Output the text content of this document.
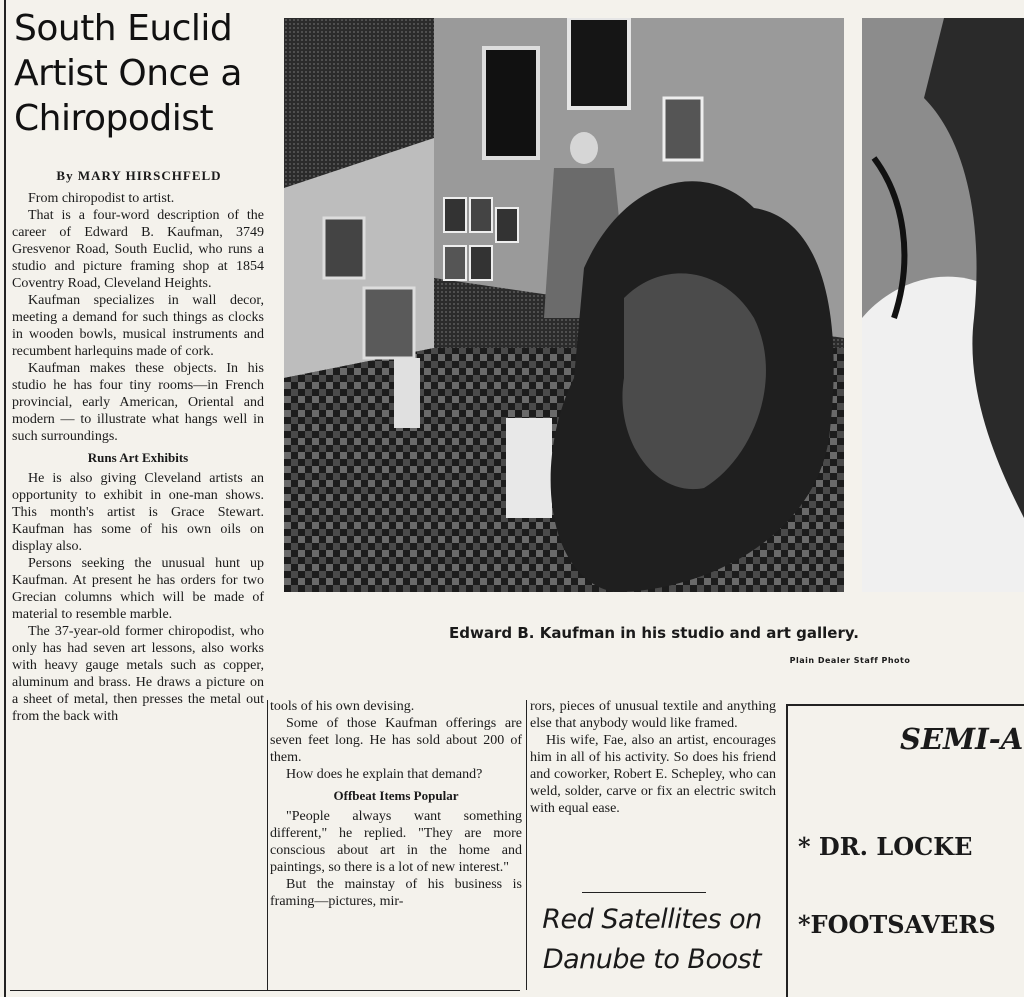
South Euclid Artist Once a Chiropodist
By MARY HIRSCHFELD

From chiropodist to artist.

That is a four-word description of the career of Edward B. Kaufman, 3749 Gresvenor Road, South Euclid, who runs a studio and picture framing shop at 1854 Coventry Road, Cleveland Heights.

Kaufman specializes in wall decor, meeting a demand for such things as clocks in wooden bowls, musical instruments and recumbent harlequins made of cork.

Kaufman makes these objects. In his studio he has four tiny rooms—in French provincial, early American, Oriental and modern — to illustrate what hangs well in such surroundings.

Runs Art Exhibits

He is also giving Cleveland artists an opportunity to exhibit in one-man shows. This month's artist is Grace Stewart. Kaufman has some of his own oils on display also.

Persons seeking the unusual hunt up Kaufman. At present he has orders for two Grecian columns which will be made of material to resemble marble.

The 37-year-old former chiropodist, who only has had seven art lessons, also works with heavy gauge metals such as copper, aluminum and brass. He draws a picture on a sheet of metal, then presses the metal out from the back with

Edward B. Kaufman in his studio and art gallery.
Plain Dealer Staff Photo

tools of his own devising.

Some of those Kaufman offerings are seven feet long. He has sold about 200 of them.

How does he explain that demand?

Offbeat Items Popular

"People always want something different," he replied. "They are more conscious about art in the home and paintings, so there is a lot of new interest."

But the mainstay of his business is framing—pictures, mir-

rors, pieces of unusual textile and anything else that anybody would like framed.

His wife, Fae, also an artist, encourages him in all of his activity. So does his friend and coworker, Robert E. Schepley, who can weld, solder, carve or fix an electric switch with equal ease.

Red Satellites on Danube to Boost
SEMI-A
* DR. LOCKE
*FOOTSAVERS
